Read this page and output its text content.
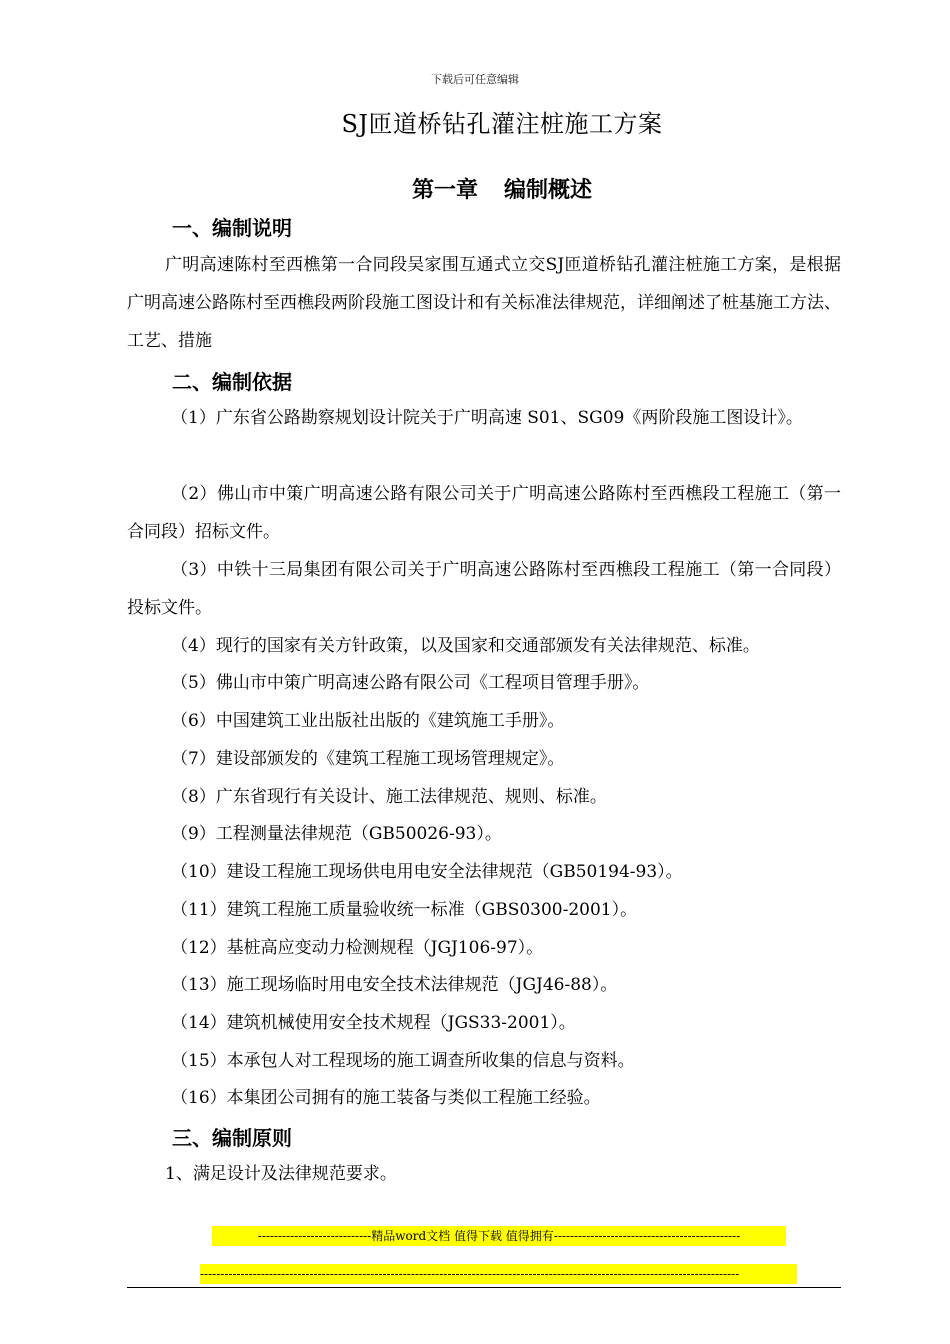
下载后可任意编辑
SJ匝道桥钻孔灌注桩施工方案
第一章 编制概述
一、编制说明
广明高速陈村至西樵第一合同段吴家围互通式立交SJ匝道桥钻孔灌注桩施工方案，是根据广明高速公路陈村至西樵段两阶段施工图设计和有关标准法律规范，详细阐述了桩基施工方法、工艺、措施
二、编制依据
（1）广东省公路勘察规划设计院关于广明高速 S01、SG09《两阶段施工图设计》。
（2）佛山市中策广明高速公路有限公司关于广明高速公路陈村至西樵段工程施工（第一合同段）招标文件。
（3）中铁十三局集团有限公司关于广明高速公路陈村至西樵段工程施工（第一合同段）投标文件。
（4）现行的国家有关方针政策，以及国家和交通部颁发有关法律规范、标准。
（5）佛山市中策广明高速公路有限公司《工程项目管理手册》。
（6）中国建筑工业出版社出版的《建筑施工手册》。
（7）建设部颁发的《建筑工程施工现场管理规定》。
（8）广东省现行有关设计、施工法律规范、规则、标准。
（9）工程测量法律规范（GB50026-93）。
（10）建设工程施工现场供电用电安全法律规范（GB50194-93）。
（11）建筑工程施工质量验收统一标准（GBS0300-2001）。
（12）基桩高应变动力检测规程（JGJ106-97）。
（13）施工现场临时用电安全技术法律规范（JGJ46-88）。
（14）建筑机械使用安全技术规程（JGS33-2001）。
（15）本承包人对工程现场的施工调查所收集的信息与资料。
（16）本集团公司拥有的施工装备与类似工程施工经验。
三、编制原则
1、满足设计及法律规范要求。
----------------------------精品word文档 值得下载 值得拥有----------------------------------------------
-------------------------------------------------------------------------------------------------------------------------------------
